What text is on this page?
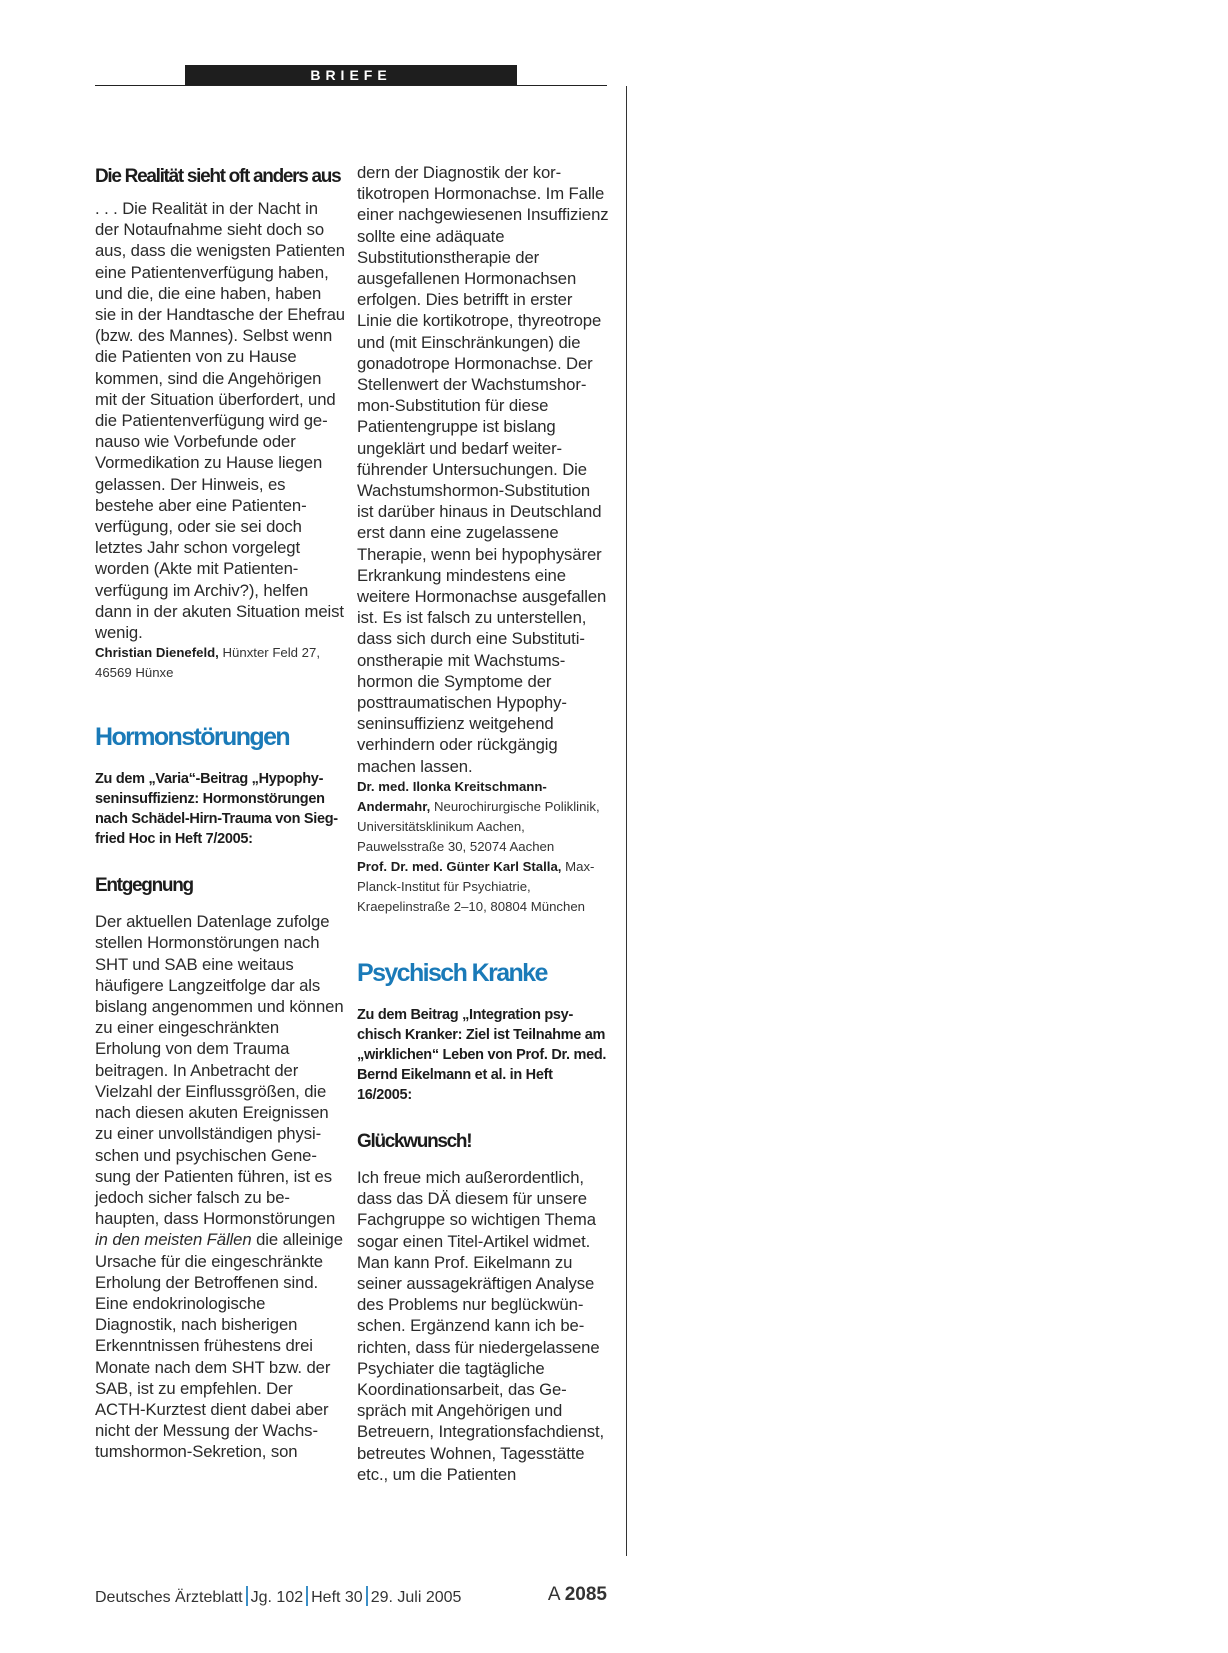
BRIEFE
Die Realität sieht oft anders aus

. . . Die Realität in der Nacht in der Notaufnahme sieht doch so aus, dass die wenigsten Patienten eine Patientenverfügung haben, und die, die eine haben, haben sie in der Handtasche der Ehefrau (bzw. des Mannes). Selbst wenn die Patienten von zu Hause kommen, sind die Angehörigen mit der Situation überfordert, und die Patientenverfügung wird genauso wie Vorbefunde oder Vormedikation zu Hause liegen gelassen. Der Hinweis, es bestehe aber eine Patientenverfügung, oder sie sei doch letztes Jahr schon vorgelegt worden (Akte mit Patientenverfügung im Archiv?), helfen dann in der akuten Situation meist wenig.

Christian Dienefeld, Hünxter Feld 27, 46569 Hünxe

Hormonstörungen

Zu dem „Varia“-Beitrag „Hypophyseninsuffizienz: Hormonstörungen nach Schädel-Hirn-Trauma von Siegfried Hoc in Heft 7/2005:

Entgegnung

Der aktuellen Datenlage zufolge stellen Hormonstörungen nach SHT und SAB eine weitaus häufigere Langzeitfolge dar als bislang angenommen und können zu einer eingeschränkten Erholung von dem Trauma beitragen. In Anbetracht der Vielzahl der Einflussgrößen, die nach diesen akuten Ereignissen zu einer unvollständigen physischen und psychischen Genesung der Patienten führen, ist es jedoch sicher falsch zu behaupten, dass Hormonstörungen in den meisten Fällen die alleinige Ursache für die eingeschränkte Erholung der Betroffenen sind. Eine endokrinologische Diagnostik, nach bisherigen Erkenntnissen frühestens drei Monate nach dem SHT bzw. der SAB, ist zu empfehlen. Der ACTH-Kurztest dient dabei aber nicht der Messung der Wachstumshormon-Sekretion, son

dern der Diagnostik der kortikotropen Hormonachse. Im Falle einer nachgewiesenen Insuffizienz sollte eine adäquate Substitutionstherapie der ausgefallenen Hormonachsen erfolgen. Dies betrifft in erster Linie die kortikotrope, thyreotrope und (mit Einschränkungen) die gonadotrope Hormonachse. Der Stellenwert der Wachstumshormon-Substitution für diese Patientengruppe ist bislang ungeklärt und bedarf weiterführender Untersuchungen. Die Wachstumshormon-Substitution ist darüber hinaus in Deutschland erst dann eine zugelassene Therapie, wenn bei hypophysärer Erkrankung mindestens eine weitere Hormonachse ausgefallen ist. Es ist falsch zu unterstellen, dass sich durch eine Substitutionstherapie mit Wachstumshormon die Symptome der posttraumatischen Hypophyseninsuffizienz weitgehend verhindern oder rückgängig machen lassen.

Dr. med. Ilonka Kreitschmann-Andermahr, Neurochirurgische Poliklinik, Universitätsklinikum Aachen, Pauwelsstraße 30, 52074 Aachen

Prof. Dr. med. Günter Karl Stalla, Max-Planck-Institut für Psychiatrie, Kraepelinstraße 2–10, 80804 München

Psychisch Kranke

Zu dem Beitrag „Integration psychisch Kranker: Ziel ist Teilnahme am „wirklichen“ Leben von Prof. Dr. med. Bernd Eikelmann et al. in Heft 16/2005:

Glückwunsch!

Ich freue mich außerordentlich, dass das DÄ diesem für unsere Fachgruppe so wichtigen Thema sogar einen Titel-Artikel widmet. Man kann Prof. Eikelmann zu seiner aussagekräftigen Analyse des Problems nur beglückwünschen. Ergänzend kann ich berichten, dass für niedergelassene Psychiater die tagtägliche Koordinationsarbeit, das Gespräch mit Angehörigen und Betreuern, Integrationsfachdienst, betreutes Wohnen, Tagesstätte etc., um die Patienten

Deutsches Ärzteblatt Jg. 102 Heft 30 29. Juli 2005	A 2085
